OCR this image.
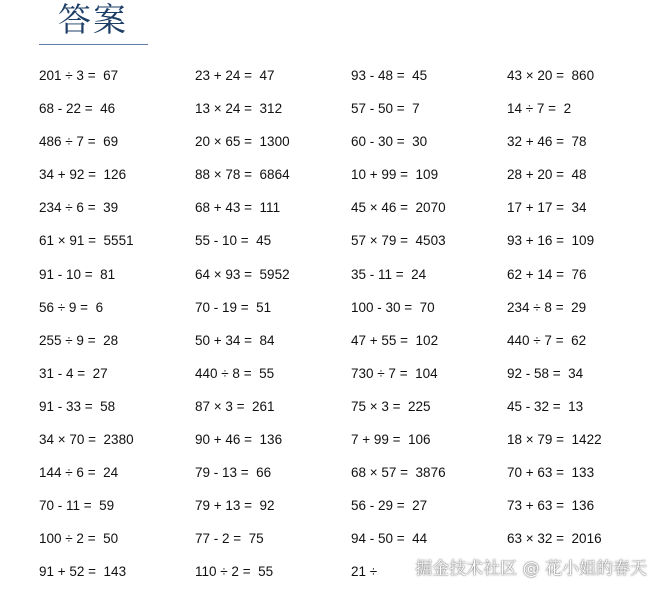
答案
201 ÷ 3 =  67	23 + 24 =  47	93 - 48 =  45	43 × 20 =  860
68 - 22 =  46	13 × 24 =  312	57 - 50 =  7	14 ÷ 7 =  2
486 ÷ 7 =  69	20 × 65 =  1300	60 - 30 =  30	32 + 46 =  78
34 + 92 =  126	88 × 78 =  6864	10 + 99 =  109	28 + 20 =  48
234 ÷ 6 =  39	68 + 43 =  111	45 × 46 =  2070	17 + 17 =  34
61 × 91 =  5551	55 - 10 =  45	57 × 79 =  4503	93 + 16 =  109
91 - 10 =  81	64 × 93 =  5952	35 - 11 =  24	62 + 14 =  76
56 ÷ 9 =  6	70 - 19 =  51	100 - 30 =  70	234 ÷ 8 =  29
255 ÷ 9 =  28	50 + 34 =  84	47 + 55 =  102	440 ÷ 7 =  62
31 - 4 =  27	440 ÷ 8 =  55	730 ÷ 7 =  104	92 - 58 =  34
91 - 33 =  58	87 × 3 =  261	75 × 3 =  225	45 - 32 =  13
34 × 70 =  2380	90 + 46 =  136	7 + 99 =  106	18 × 79 =  1422
144 ÷ 6 =  24	79 - 13 =  66	68 × 57 =  3876	70 + 63 =  133
70 - 11 =  59	79 + 13 =  92	56 - 29 =  27	73 + 63 =  136
100 ÷ 2 =  50	77 - 2 =  75	94 - 50 =  44	63 × 32 =  2016
91 + 52 =  143	110 ÷ 2 =  55	21 ÷	掘金技术社区 @ 花小姐的春天
